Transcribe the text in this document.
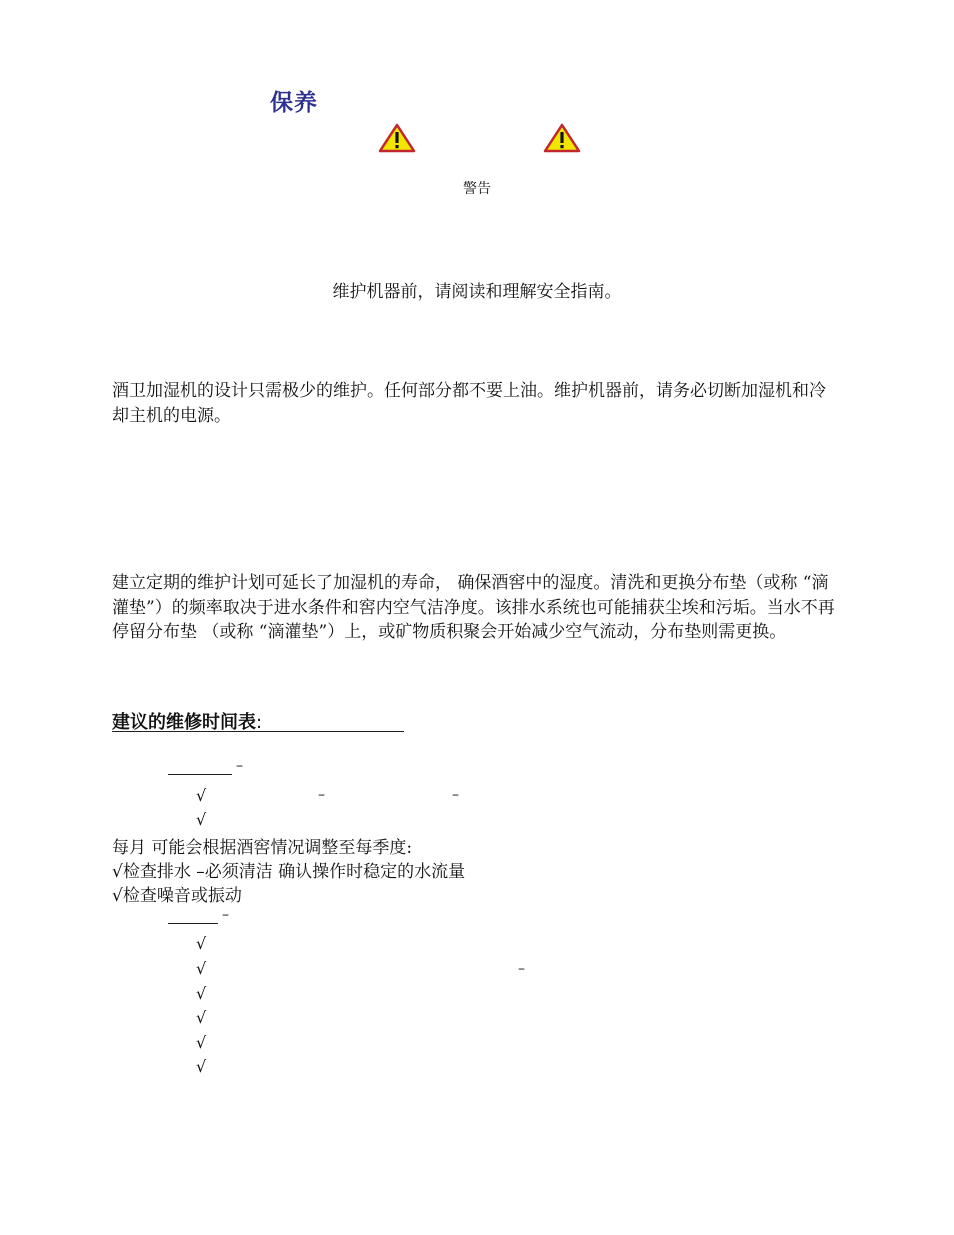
保养
警告
维护机器前，请阅读和理解安全指南。
酒卫加湿机的设计只需极少的维护。任何部分都不要上油。维护机器前，请务必切断加湿机和冷却主机的电源。
建立定期的维护计划可延长了加湿机的寿命， 确保酒窖中的湿度。清洗和更换分布垫（或称 “滴灌垫”）的频率取决于进水条件和窖内空气洁净度。该排水系统也可能捕获尘埃和污垢。当水不再停留分布垫 （或称 “滴灌垫”）上，或矿物质积聚会开始减少空气流动，分布垫则需更换。
建议的维修时间表:
–
√	–	–
√
每月 可能会根据酒窖情况调整至每季度:
√检查排水 –必须清洁 确认操作时稳定的水流量
√检查噪音或振动
–
√
√	–
√
√
√
√
